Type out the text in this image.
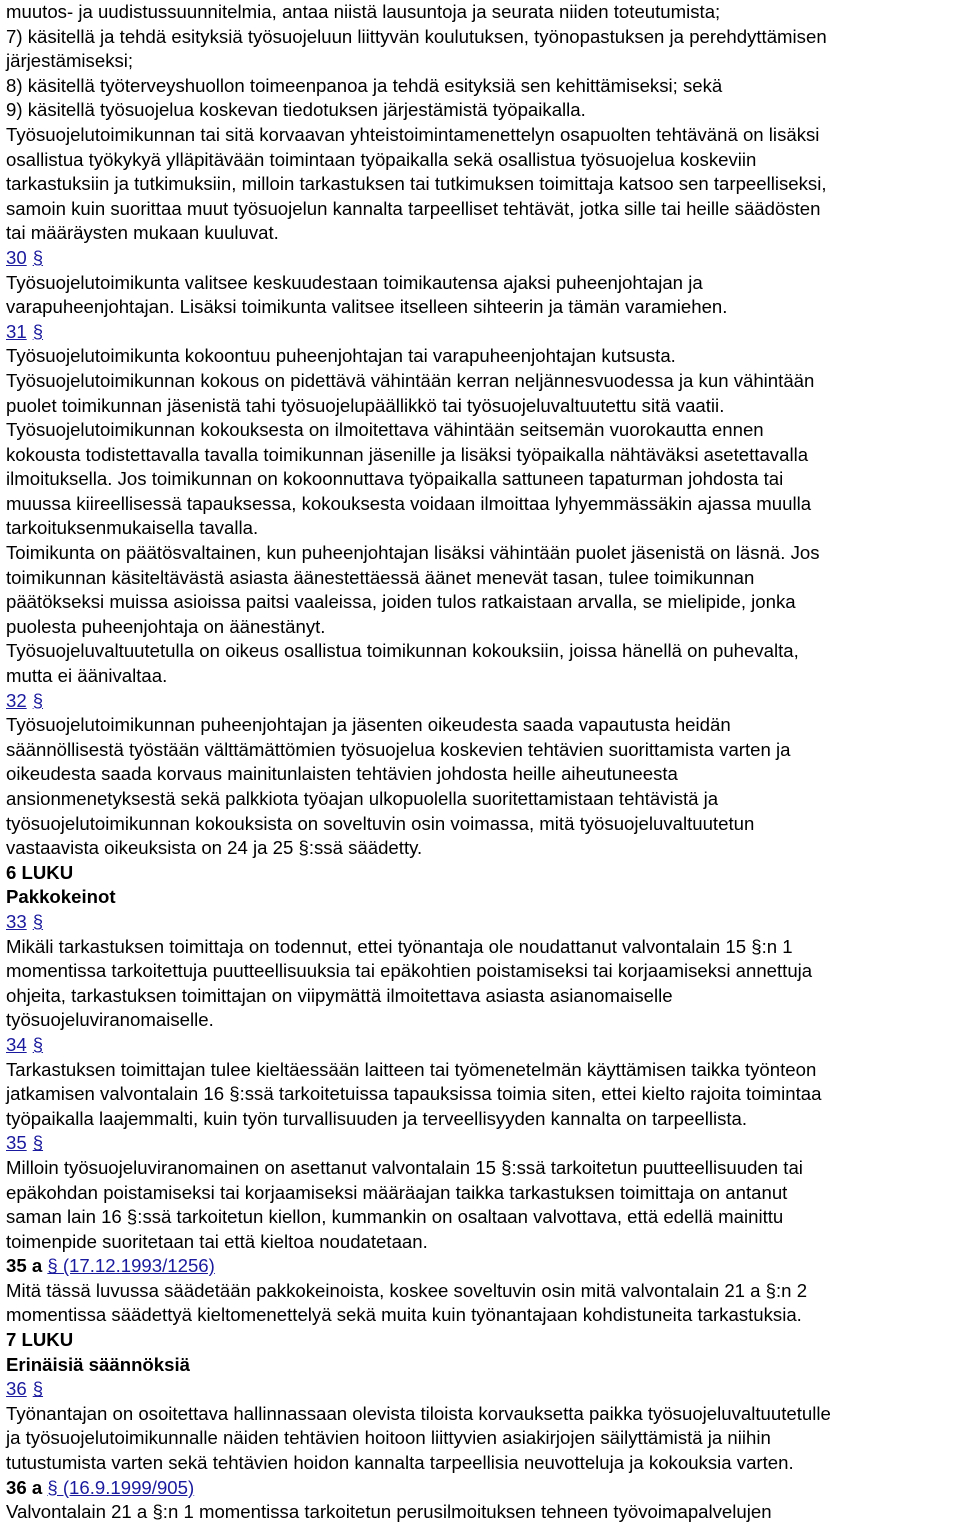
muutos- ja uudistussuunnitelmia, antaa niistä lausuntoja ja seurata niiden toteutumista;
7) käsitellä ja tehdä esityksiä työsuojeluun liittyvän koulutuksen, työnopastuksen ja perehdyttämisen
järjestämiseksi;
8) käsitellä työterveyshuollon toimeenpanoa ja tehdä esityksiä sen kehittämiseksi; sekä
9) käsitellä työsuojelua koskevan tiedotuksen järjestämistä työpaikalla.
Työsuojelutoimikunnan tai sitä korvaavan yhteistoimintamenettelyn osapuolten tehtävänä on lisäksi
osallistua työkykyä ylläpitävään toimintaan työpaikalla sekä osallistua työsuojelua koskeviin
tarkastuksiin ja tutkimuksiin, milloin tarkastuksen tai tutkimuksen toimittaja katsoo sen tarpeelliseksi,
samoin kuin suorittaa muut työsuojelun kannalta tarpeelliset tehtävät, jotka sille tai heille säädösten
tai määräysten mukaan kuuluvat.
30 §
Työsuojelutoimikunta valitsee keskuudestaan toimikautensa ajaksi puheenjohtajan ja
varapuheenjohtajan. Lisäksi toimikunta valitsee itselleen sihteerin ja tämän varamiehen.
31 §
Työsuojelutoimikunta kokoontuu puheenjohtajan tai varapuheenjohtajan kutsusta.
Työsuojelutoimikunnan kokous on pidettävä vähintään kerran neljännesvuodessa ja kun vähintään
puolet toimikunnan jäsenistä tahi työsuojelupäällikkö tai työsuojeluvaltuutettu sitä vaatii.
Työsuojelutoimikunnan kokouksesta on ilmoitettava vähintään seitsemän vuorokautta ennen
kokousta todistettavalla tavalla toimikunnan jäsenille ja lisäksi työpaikalla nähtäväksi asetettavalla
ilmoituksella. Jos toimikunnan on kokoonnuttava työpaikalla sattuneen tapaturman johdosta tai
muussa kiireellisessä tapauksessa, kokouksesta voidaan ilmoittaa lyhyemmässäkin ajassa muulla
tarkoituksenmukaisella tavalla.
Toimikunta on päätösvaltainen, kun puheenjohtajan lisäksi vähintään puolet jäsenistä on läsnä. Jos
toimikunnan käsiteltävästä asiasta äänestettäessä äänet menevät tasan, tulee toimikunnan
päätökseksi muissa asioissa paitsi vaaleissa, joiden tulos ratkaistaan arvalla, se mielipide, jonka
puolesta puheenjohtaja on äänestänyt.
Työsuojeluvaltuutetulla on oikeus osallistua toimikunnan kokouksiin, joissa hänellä on puhevalta,
mutta ei äänivaltaa.
32 §
Työsuojelutoimikunnan puheenjohtajan ja jäsenten oikeudesta saada vapautusta heidän
säännöllisestä työstään välttämättömien työsuojelua koskevien tehtävien suorittamista varten ja
oikeudesta saada korvaus mainitunlaisten tehtävien johdosta heille aiheutuneesta
ansionmenetyksestä sekä palkkiota työajan ulkopuolella suoritettamistaan tehtävistä ja
työsuojelutoimikunnan kokouksista on soveltuvin osin voimassa, mitä työsuojeluvaltuutetun
vastaavista oikeuksista on 24 ja 25 §:ssä säädetty.
6 LUKU
Pakkokeinot
33 §
Mikäli tarkastuksen toimittaja on todennut, ettei työnantaja ole noudattanut valvontalain 15 §:n 1
momentissa tarkoitettuja puutteellisuuksia tai epäkohtien poistamiseksi tai korjaamiseksi annettuja
ohjeita, tarkastuksen toimittajan on viipymättä ilmoitettava asiasta asianomaiselle
työsuojeluviranomaiselle.
34 §
Tarkastuksen toimittajan tulee kieltäessään laitteen tai työmenetelmän käyttämisen taikka työnteon
jatkamisen valvontalain 16 §:ssä tarkoitetuissa tapauksissa toimia siten, ettei kielto rajoita toimintaa
työpaikalla laajemmalti, kuin työn turvallisuuden ja terveellisyyden kannalta on tarpeellista.
35 §
Milloin työsuojeluviranomainen on asettanut valvontalain 15 §:ssä tarkoitetun puutteellisuuden tai
epäkohdan poistamiseksi tai korjaamiseksi määräajan taikka tarkastuksen toimittaja on antanut
saman lain 16 §:ssä tarkoitetun kiellon, kummankin on osaltaan valvottava, että edellä mainittu
toimenpide suoritetaan tai että kieltoa noudatetaan.
35 a § (17.12.1993/1256)
Mitä tässä luvussa säädetään pakkokeinoista, koskee soveltuvin osin mitä valvontalain 21 a §:n 2
momentissa säädettyä kieltomenettelyä sekä muita kuin työnantajaan kohdistuneita tarkastuksia.
7 LUKU
Erinäisiä säännöksiä
36 §
Työnantajan on osoitettava hallinnassaan olevista tiloista korvauksetta paikka työsuojeluvaltuutetulle
ja työsuojelutoimikunnalle näiden tehtävien hoitoon liittyvien asiakirjojen säilyttämistä ja niihin
tutustumista varten sekä tehtävien hoidon kannalta tarpeellisia neuvotteluja ja kokouksia varten.
36 a § (16.9.1999/905)
Valvontalain 21 a §:n 1 momentissa tarkoitetun perusilmoituksen tehneen työvoimapalvelujen
